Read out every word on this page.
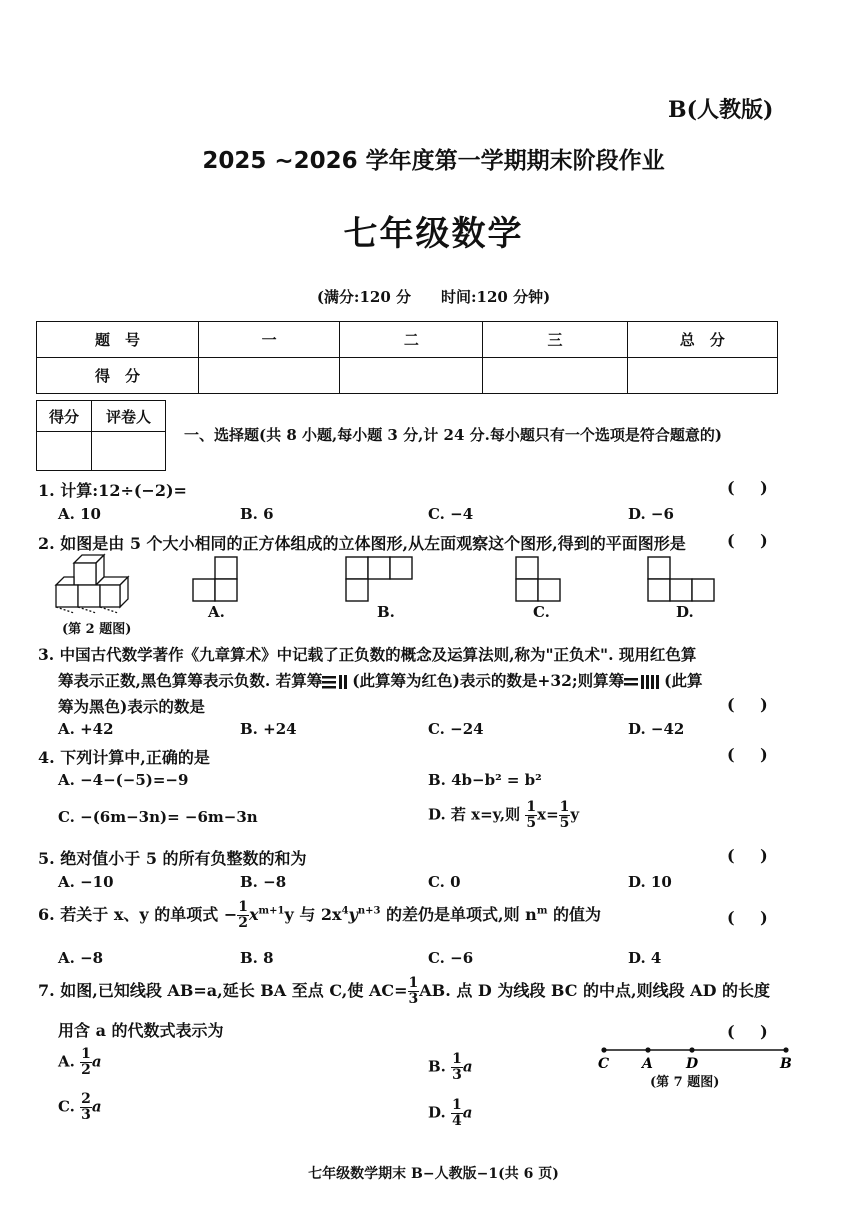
B(人教版)
2025 ~2026 学年度第一学期期末阶段作业
七年级数学
(满分:120 分　　时间:120 分钟)
题　号	一	二	三	总　分
得　分				
得分	评卷人

一、选择题(共 8 小题,每小题 3 分,计 24 分.每小题只有一个选项是符合题意的)
1. 计算:12÷(−2)=	( )
A. 10	B. 6	C. −4	D. −6
2. 如图是由 5 个大小相同的正方体组成的立体图形,从左面观察这个图形,得到的平面图形是	( )
(第 2 题图)
A.	B.	C.	D.
3. 中国古代数学著作《九章算术》中记载了正负数的概念及运算法则,称为"正负术". 现用红色算
筹表示正数,黑色算筹表示负数. 若算筹 (此算筹为红色)表示的数是+32;则算筹	(此算
筹为黑色)表示的数是	( )
A. +42	B. +24	C. −24	D. −42
4. 下列计算中,正确的是	( )
A. −4−(−5)=−9	B. 4b−b² = b²
C. −(6m−3n)= −6m−3n	D. 若 x=y,则 $\frac{1}{5} x= \frac{1}{5}$ y
5. 绝对值小于 5 的所有负整数的和为	( )
A. −10	B. −8	C. 0	D. 10
6. 若关于 x、y 的单项式 − $\frac{1}{2} x^{m+1}y$ 与 $2x^4y^{n+3}$ 的差仍是单项式,则 $n^m$ 的值为	( )
A. −8	B. 8	C. −6	D. 4
7. 如图,已知线段 AB=a,延长 BA 至点 C,使 $AC= \frac{1}{3}$ AB. 点 D 为线段 BC 的中点,则线段 AD 的长度
用含 a 的代数式表示为	( )
A. $\frac{1}{2}$ a	B. $\frac{1}{3}$ a
C. $\frac{2}{3}$ a	D. $\frac{1}{4}$ a
C A D	B
(第 7 题图)
七年级数学期末 B−人教版−1(共 6 页)
